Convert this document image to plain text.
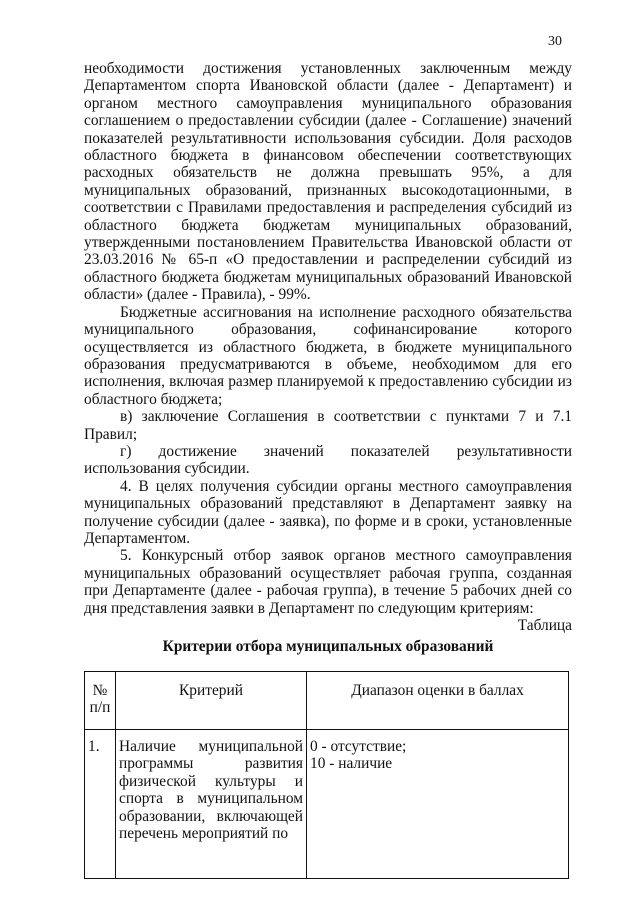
30

необходимости достижения установленных заключенным между Департаментом спорта Ивановской области (далее - Департамент) и органом местного самоуправления муниципального образования соглашением о предоставлении субсидии (далее - Соглашение) значений показателей результативности использования субсидии. Доля расходов областного бюджета в финансовом обеспечении соответствующих расходных обязательств не должна превышать 95%, а для муниципальных образований, признанных высокодотационными, в соответствии с Правилами предоставления и распределения субсидий из областного бюджета бюджетам муниципальных образований, утвержденными постановлением Правительства Ивановской области от 23.03.2016 № 65-п «О предоставлении и распределении субсидий из областного бюджета бюджетам муниципальных образований Ивановской области» (далее - Правила), - 99%.

Бюджетные ассигнования на исполнение расходного обязательства муниципального образования, софинансирование которого осуществляется из областного бюджета, в бюджете муниципального образования предусматриваются в объеме, необходимом для его исполнения, включая размер планируемой к предоставлению субсидии из областного бюджета;

в) заключение Соглашения в соответствии с пунктами 7 и 7.1 Правил;

г) достижение значений показателей результативности использования субсидии.

4. В целях получения субсидии органы местного самоуправления муниципальных образований представляют в Департамент заявку на получение субсидии (далее - заявка), по форме и в сроки, установленные Департаментом.

5. Конкурсный отбор заявок органов местного самоуправления муниципальных образований осуществляет рабочая группа, созданная при Департаменте (далее - рабочая группа), в течение 5 рабочих дней со дня представления заявки в Департамент по следующим критериям:

Таблица

Критерии отбора муниципальных образований
№ п/п	Критерий	Диапазон оценки в баллах
1.	Наличие муниципальной программы развития физической культуры и спорта в муниципальном образовании, включающей перечень мероприятий по	0 - отсутствие;
10 - наличие
